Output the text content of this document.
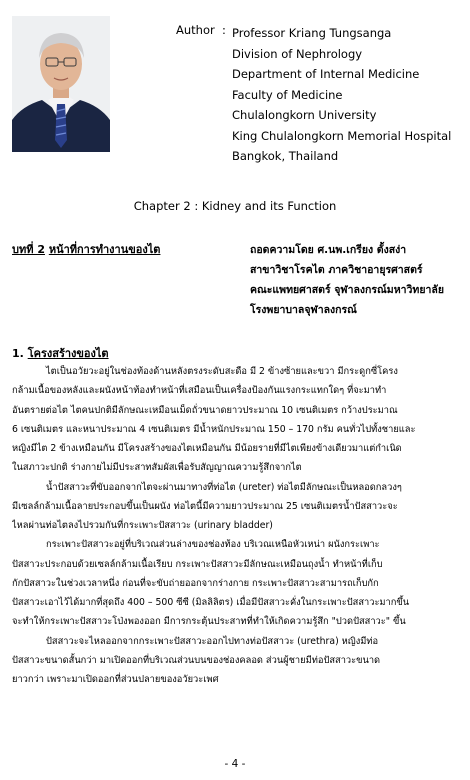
Author  : Professor Kriang Tungsanga
Division of Nephrology
Department of Internal Medicine
Faculty of Medicine
Chulalongkorn University
King Chulalongkorn Memorial Hospital
Bangkok, Thailand
Chapter 2 : Kidney and its Function
บทที่ 2 หน้าที่การทำงานของไต	ถอดความโดย ศ.นพ.เกรียง ตั้งสง่า
สาขาวิชาโรคไต ภาควิชาอายุรศาสตร์
คณะแพทยศาสตร์ จุฬาลงกรณ์มหาวิทยาลัย
โรงพยาบาลจุฬาลงกรณ์
1. โครงสร้างของไต
ไตเป็นอวัยวะอยู่ในช่องท้องด้านหลังตรงระดับสะดือ มี 2 ข้างซ้ายและขวา มีกระดูกซี่โครง
กล้ามเนื้อของหลังและผนังหน้าท้องทำหน้าที่เสมือนเป็นเครื่องป้องกันแรงกระแทกใดๆ ที่จะมาทำ
อันตรายต่อไต ไตคนปกติมีลักษณะเหมือนเม็ดถั่วขนาดยาวประมาณ 10 เซนติเมตร กว้างประมาณ
6 เซนติเมตร และหนาประมาณ 4 เซนติเมตร มีน้ำหนักประมาณ 150 – 170 กรัม คนทั่วไปทั้งชายและ
หญิงมีไต 2 ข้างเหมือนกัน มีโครงสร้างของไตเหมือนกัน มีน้อยรายที่มีไตเพียงข้างเดียวมาแต่กำเนิด
ในสภาวะปกติ ร่างกายไม่มีประสาทสัมผัสเพื่อรับสัญญาณความรู้สึกจากไต
น้ำปัสสาวะที่ขับออกจากไตจะผ่านมาทางที่ท่อไต (ureter) ท่อไตมีลักษณะเป็นหลอดกลวงๆ
มีเซลล์กล้ามเนื้อลายประกอบขึ้นเป็นผนัง ท่อไตนี้มีความยาวประมาณ 25 เซนติเมตรน้ำปัสสาวะจะ
ไหลผ่านท่อไตลงไปรวมกันที่กระเพาะปัสสาวะ (urinary bladder)
กระเพาะปัสสาวะอยู่ที่บริเวณส่วนล่างของช่องท้อง บริเวณเหนือหัวเหน่า ผนังกระเพาะ
ปัสสาวะประกอบด้วยเซลล์กล้ามเนื้อเรียบ กระเพาะปัสสาวะมีลักษณะเหมือนถุงน้ำ ทำหน้าที่เก็บ
กักปัสสาวะในช่วงเวลาหนึ่ง ก่อนที่จะขับถ่ายออกจากร่างกาย กระเพาะปัสสาวะสามารถเก็บกัก
ปัสสาวะเอาไว้ได้มากที่สุดถึง 400 – 500 ซีซี (มิลลิลิตร) เมื่อมีปัสสาวะคั่งในกระเพาะปัสสาวะมากขึ้น
จะทำให้กระเพาะปัสสาวะโป่งพองออก มีการกระตุ้นประสาทที่ทำให้เกิดความรู้สึก "ปวดปัสสาวะ" ขึ้น
ปัสสาวะจะไหลออกจากกระเพาะปัสสาวะออกไปทางท่อปัสสาวะ (urethra) หญิงมีท่อ
ปัสสาวะขนาดสั้นกว่า มาเปิดออกที่บริเวณส่วนบนของช่องคลอด ส่วนผู้ชายมีท่อปัสสาวะขนาด
ยาวกว่า เพราะมาเปิดออกที่ส่วนปลายของอวัยวะเพศ
- 4 -
